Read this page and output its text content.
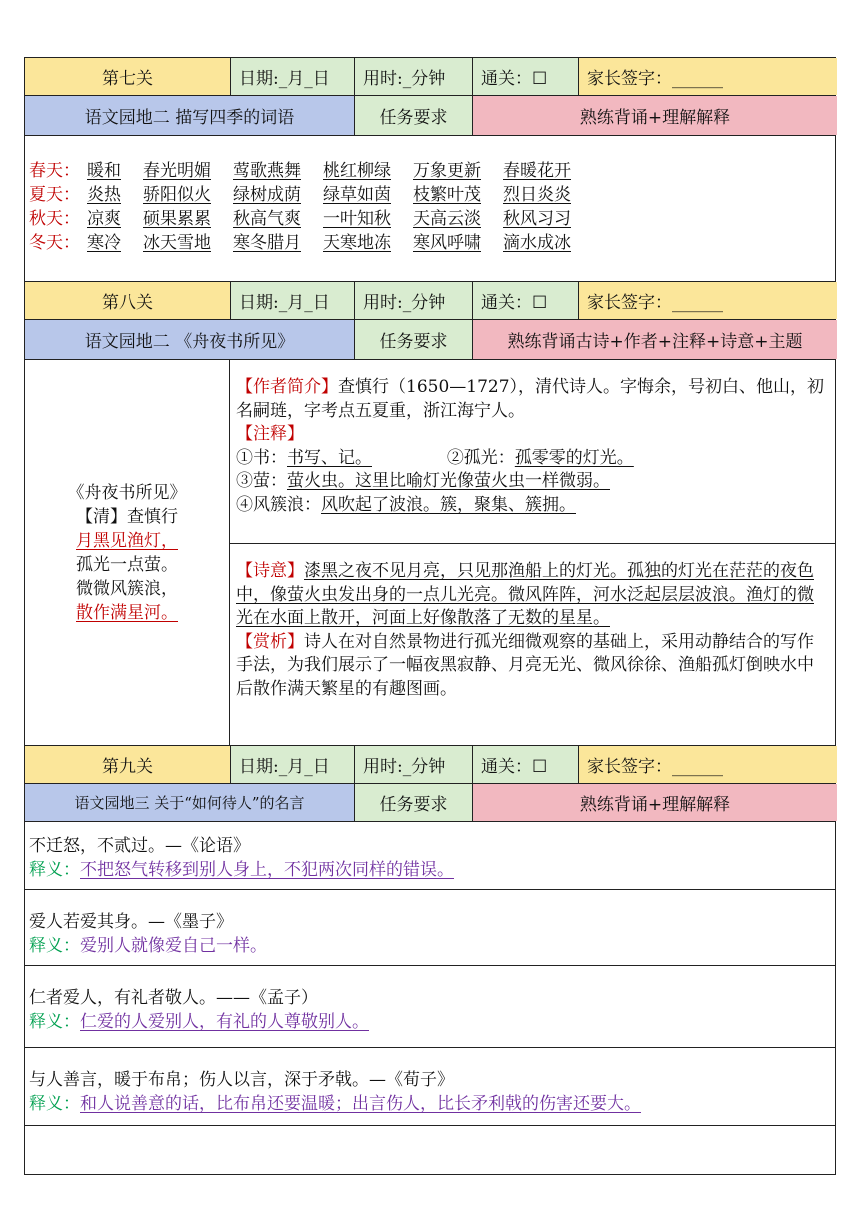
第七关	日期:_月_日	用时:_分钟	通关：☐	家长签字：______
语文园地二 描写四季的词语	任务要求	熟练背诵+理解解释
春天： 暖和 春光明媚 莺歌燕舞 桃红柳绿 万象更新 春暖花开
夏天： 炎热 骄阳似火 绿树成荫 绿草如茵 枝繁叶茂 烈日炎炎
秋天： 凉爽 硕果累累 秋高气爽 一叶知秋 天高云淡 秋风习习
冬天： 寒冷 冰天雪地 寒冬腊月 天寒地冻 寒风呼啸 滴水成冰
第八关	日期:_月_日	用时:_分钟	通关：☐	家长签字：______
语文园地二 《舟夜书所见》	任务要求	熟练背诵古诗+作者+注释+诗意+主题
《舟夜书所见》
【清】查慎行
月黑见渔灯，
孤光一点萤。
微微风簇浪，
散作满星河。
【作者简介】查慎行（1650—1727），清代诗人。字悔余，号初白、他山，初名嗣琏，字考点五夏重，浙江海宁人。
【注释】
①书：书写、记。	②孤光：孤零零的灯光。
③萤：萤火虫。这里比喻灯光像萤火虫一样微弱。
④风簇浪：风吹起了波浪。簇，聚集、簇拥。
【诗意】漆黑之夜不见月亮，只见那渔船上的灯光。孤独的灯光在茫茫的夜色中，像萤火虫发出身的一点儿光亮。微风阵阵，河水泛起层层波浪。渔灯的微光在水面上散开，河面上好像散落了无数的星星。
【赏析】诗人在对自然景物进行孤光细微观察的基础上，采用动静结合的写作手法，为我们展示了一幅夜黑寂静、月亮无光、微风徐徐、渔船孤灯倒映水中后散作满天繁星的有趣图画。
第九关	日期:_月_日	用时:_分钟	通关：☐	家长签字：______
语文园地三 关于“如何待人”的名言	任务要求	熟练背诵+理解解释
不迁怒，不贰过。—《论语》
释义：不把怒气转移到别人身上，不犯两次同样的错误。
爱人若爱其身。—《墨子》
释义：爱别人就像爱自己一样。
仁者爱人，有礼者敬人。——《孟子）
释义：仁爱的人爱别人，有礼的人尊敬别人。
与人善言，暖于布帛；伤人以言，深于矛戟。—《荀子》
释义：和人说善意的话，比布帛还要温暖；出言伤人，比长矛利戟的伤害还要大。
